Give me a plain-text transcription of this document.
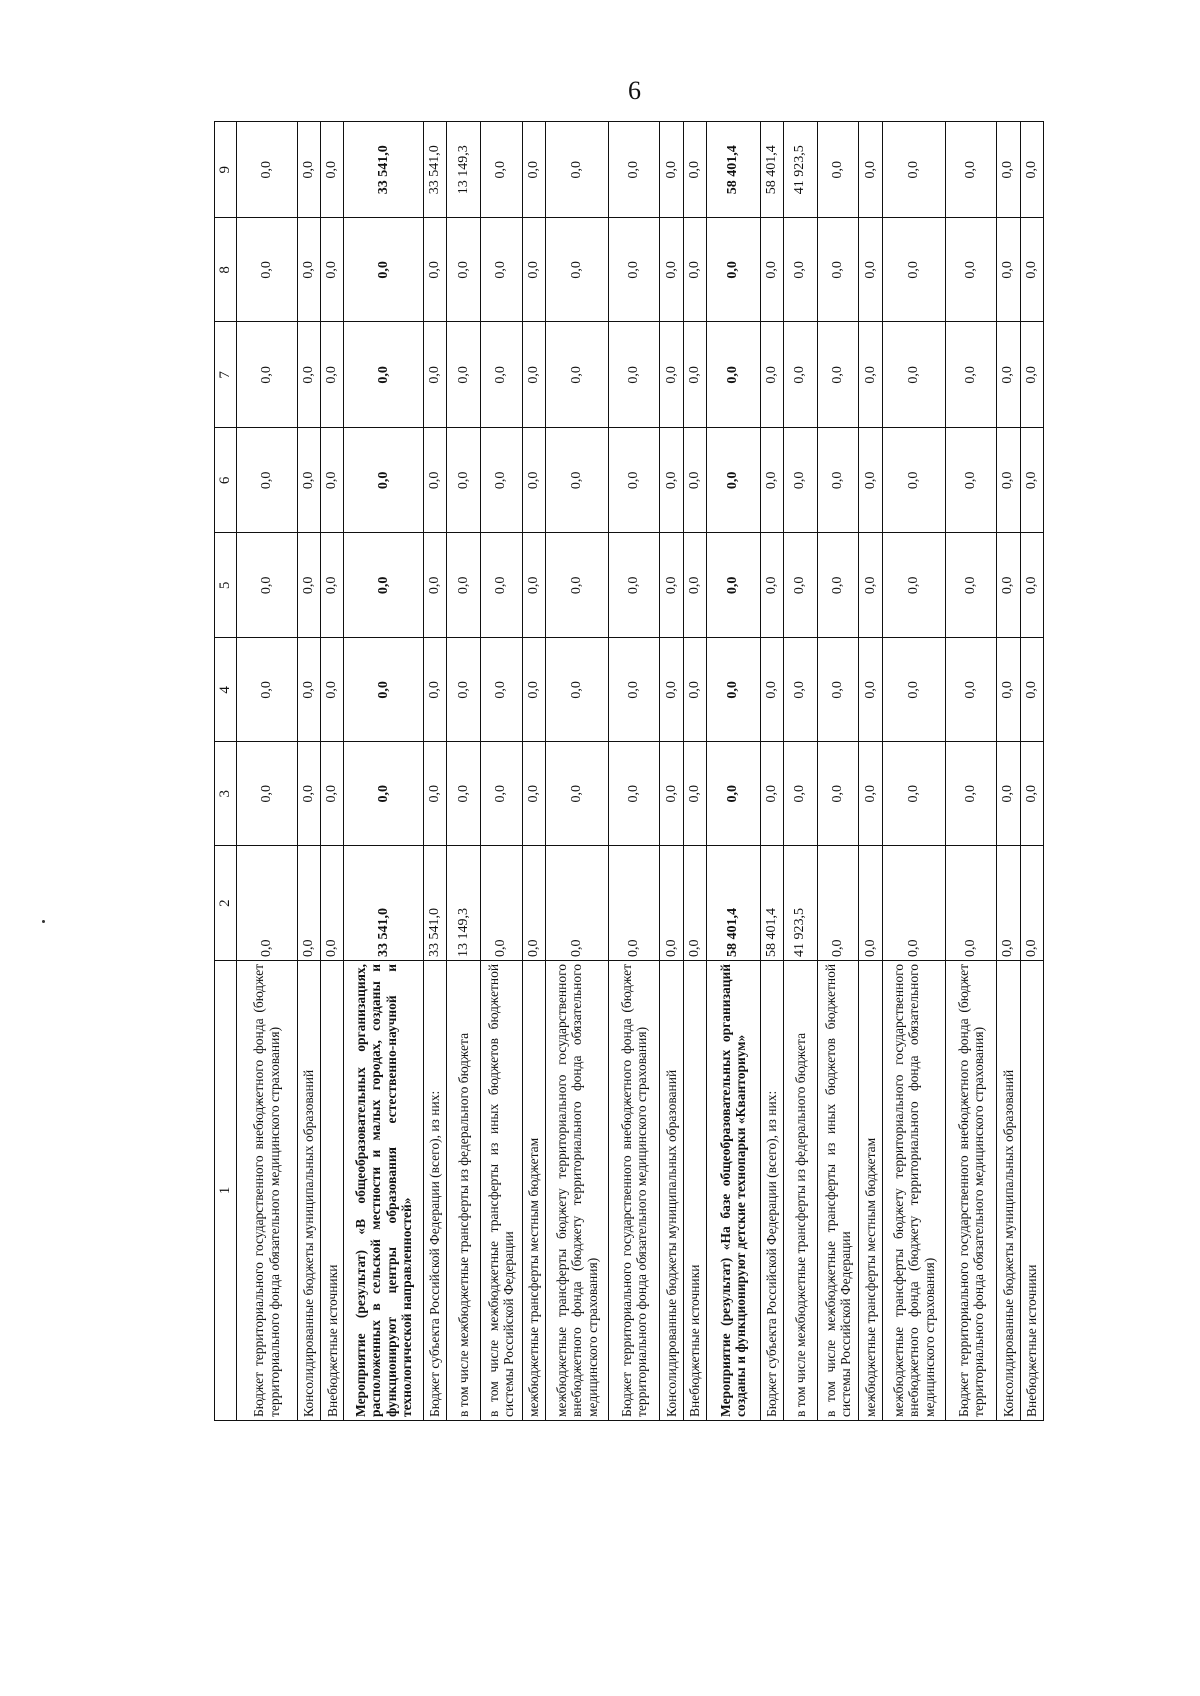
6
1	2	3	4	5	6	7	8	9
Бюджет территориального государственного внебюджетного фонда (бюджет территориального фонда обязательного медицинского страхования)	0,0	0,0	0,0	0,0	0,0	0,0	0,0	0,0
Консолидированные бюджеты муниципальных образований	0,0	0,0	0,0	0,0	0,0	0,0	0,0	0,0
Внебюджетные источники	0,0	0,0	0,0	0,0	0,0	0,0	0,0	0,0
Мероприятие (результат) «В общеобразовательных организациях, расположенных в сельской местности и малых городах, созданы и функционируют центры образования естественно-научной и технологической направленностей»	33 541,0	0,0	0,0	0,0	0,0	0,0	0,0	33 541,0
Бюджет субъекта Российской Федерации (всего), из них:	33 541,0	0,0	0,0	0,0	0,0	0,0	0,0	33 541,0
в том числе межбюджетные трансферты из федерального бюджета	13 149,3	0,0	0,0	0,0	0,0	0,0	0,0	13 149,3
в том числе межбюджетные трансферты из иных бюджетов бюджетной системы Российской Федерации	0,0	0,0	0,0	0,0	0,0	0,0	0,0	0,0
межбюджетные трансферты местным бюджетам	0,0	0,0	0,0	0,0	0,0	0,0	0,0	0,0
межбюджетные трансферты бюджету территориального государственного внебюджетного фонда (бюджету территориального фонда обязательного медицинского страхования)	0,0	0,0	0,0	0,0	0,0	0,0	0,0	0,0
Бюджет территориального государственного внебюджетного фонда (бюджет территориального фонда обязательного медицинского страхования)	0,0	0,0	0,0	0,0	0,0	0,0	0,0	0,0
Консолидированные бюджеты муниципальных образований	0,0	0,0	0,0	0,0	0,0	0,0	0,0	0,0
Внебюджетные источники	0,0	0,0	0,0	0,0	0,0	0,0	0,0	0,0
Мероприятие (результат) «На базе общеобразовательных организаций созданы и функционируют детские технопарки «Кванториум»	58 401,4	0,0	0,0	0,0	0,0	0,0	0,0	58 401,4
Бюджет субъекта Российской Федерации (всего), из них:	58 401,4	0,0	0,0	0,0	0,0	0,0	0,0	58 401,4
в том числе межбюджетные трансферты из федерального бюджета	41 923,5	0,0	0,0	0,0	0,0	0,0	0,0	41 923,5
в том числе межбюджетные трансферты из иных бюджетов бюджетной системы Российской Федерации	0,0	0,0	0,0	0,0	0,0	0,0	0,0	0,0
межбюджетные трансферты местным бюджетам	0,0	0,0	0,0	0,0	0,0	0,0	0,0	0,0
межбюджетные трансферты бюджету территориального государственного внебюджетного фонда (бюджету территориального фонда обязательного медицинского страхования)	0,0	0,0	0,0	0,0	0,0	0,0	0,0	0,0
Бюджет территориального государственного внебюджетного фонда (бюджет территориального фонда обязательного медицинского страхования)	0,0	0,0	0,0	0,0	0,0	0,0	0,0	0,0
Консолидированные бюджеты муниципальных образований	0,0	0,0	0,0	0,0	0,0	0,0	0,0	0,0
Внебюджетные источники	0,0	0,0	0,0	0,0	0,0	0,0	0,0	0,0
